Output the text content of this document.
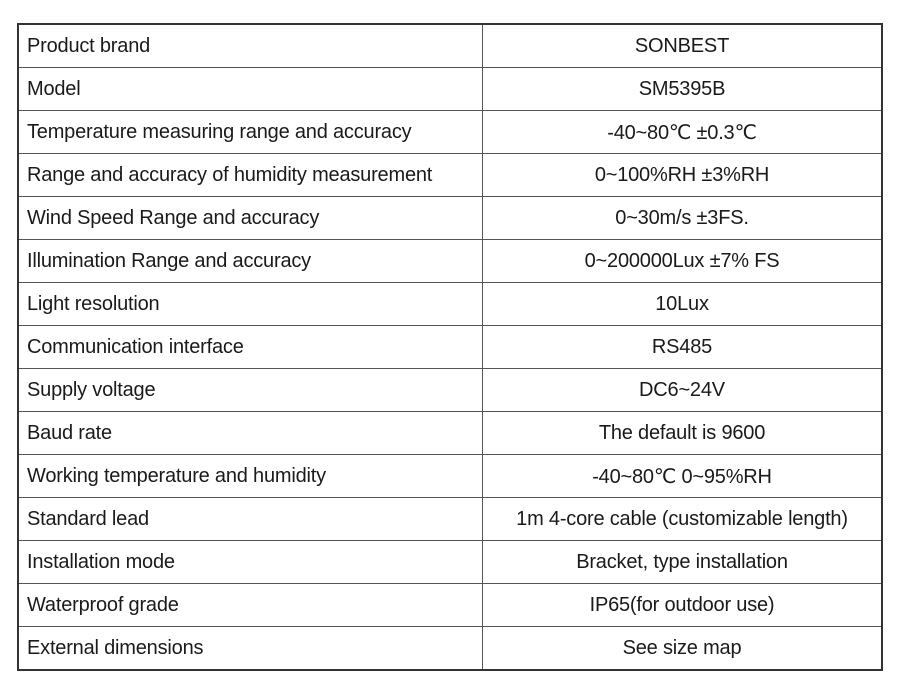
Product brand	SONBEST
Model	SM5395B
Temperature measuring range and accuracy	-40~80℃ ±0.3℃
Range and accuracy of humidity measurement	0~100%RH ±3%RH
Wind Speed Range and accuracy	0~30m/s ±3FS.
Illumination Range and accuracy	0~200000Lux ±7% FS
Light resolution	10Lux
Communication interface	RS485
Supply voltage	DC6~24V
Baud rate	The default is 9600
Working temperature and humidity	-40~80℃ 0~95%RH
Standard lead	1m 4-core cable (customizable length)
Installation mode	Bracket, type installation
Waterproof grade	IP65(for outdoor use)
External dimensions	See size map
